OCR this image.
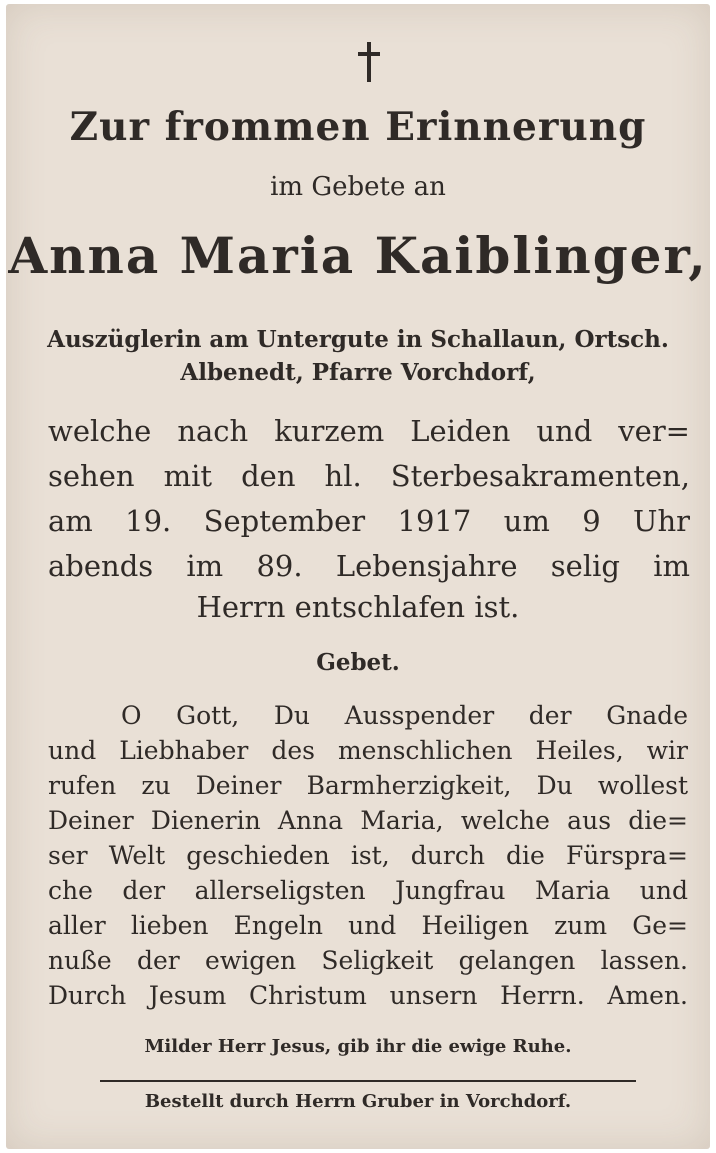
Zur frommen Erinnerung
im Gebete an
Anna Maria Kaiblinger,
Auszüglerin am Untergute in Schallaun, Ortsch.
Albenedt, Pfarre Vorchdorf,
welche nach kurzem Leiden und ver=
sehen mit den hl. Sterbesakramenten,
am 19. September 1917 um 9 Uhr
abends im 89. Lebensjahre selig im
Herrn entschlafen ist.
Gebet.
O Gott, Du Ausspender der Gnade
und Liebhaber des menschlichen Heiles, wir
rufen zu Deiner Barmherzigkeit, Du wollest
Deiner Dienerin Anna Maria, welche aus die=
ser Welt geschieden ist, durch die Fürspra=
che der allerseligsten Jungfrau Maria und
aller lieben Engeln und Heiligen zum Ge=
nuße der ewigen Seligkeit gelangen lassen.
Durch Jesum Christum unsern Herrn. Amen.
Milder Herr Jesus, gib ihr die ewige Ruhe.
Bestellt durch Herrn Gruber in Vorchdorf.
